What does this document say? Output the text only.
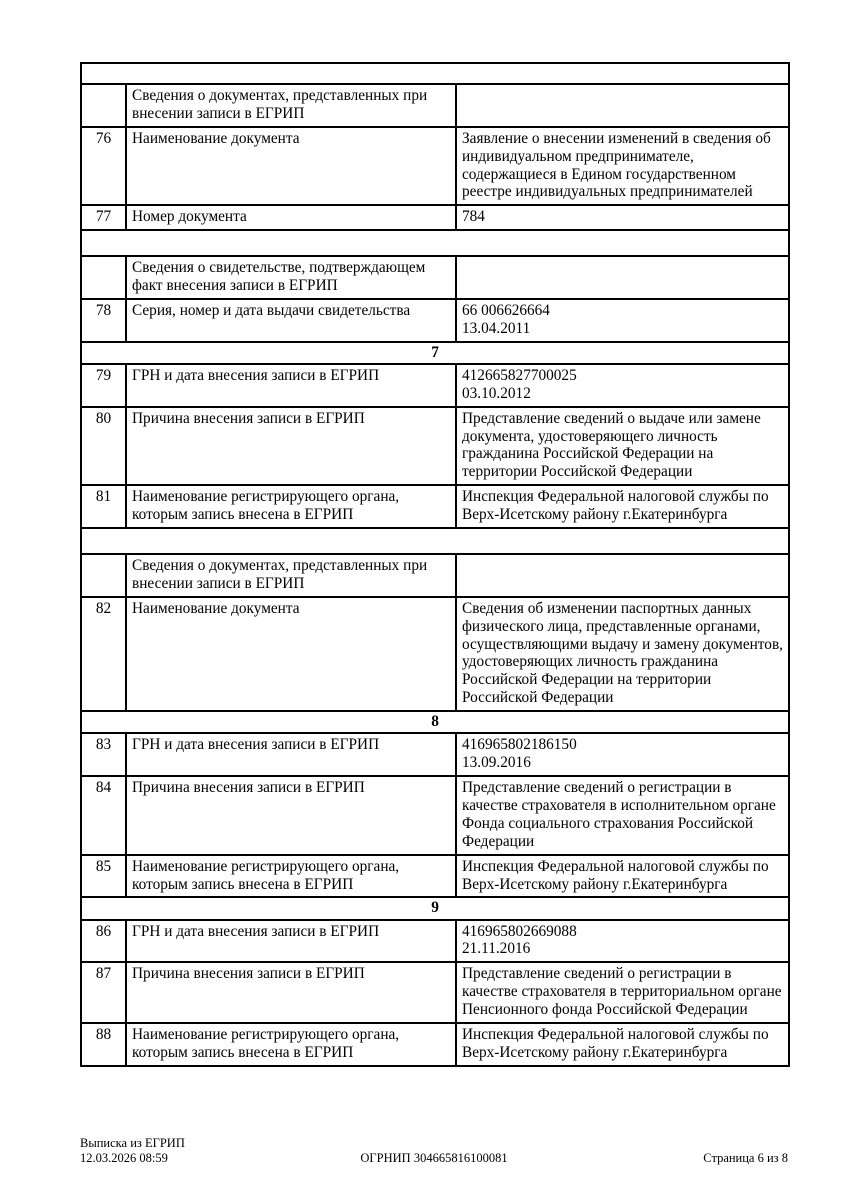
	Сведения о документах, представленных при внесении записи в ЕГРИП	
76	Наименование документа	Заявление о внесении изменений в сведения об индивидуальном предпринимателе, содержащиеся в Едином государственном реестре индивидуальных предпринимателей
77	Номер документа	784

	Сведения о свидетельстве, подтверждающем факт внесения записи в ЕГРИП	
78	Серия, номер и дата выдачи свидетельства	66 006626664
13.04.2011
7		
79	ГРН и дата внесения записи в ЕГРИП	412665827700025
03.10.2012
80	Причина внесения записи в ЕГРИП	Представление сведений о выдаче или замене документа, удостоверяющего личность гражданина Российской Федерации на территории Российской Федерации
81	Наименование регистрирующего органа, которым запись внесена в ЕГРИП	Инспекция Федеральной налоговой службы по Верх-Исетскому району г.Екатеринбурга

	Сведения о документах, представленных при внесении записи в ЕГРИП	
82	Наименование документа	Сведения об изменении паспортных данных физического лица, представленные органами, осуществляющими выдачу и замену документов, удостоверяющих личность гражданина Российской Федерации на территории Российской Федерации
8		
83	ГРН и дата внесения записи в ЕГРИП	416965802186150
13.09.2016
84	Причина внесения записи в ЕГРИП	Представление сведений о регистрации в качестве страхователя в исполнительном органе Фонда социального страхования Российской Федерации
85	Наименование регистрирующего органа, которым запись внесена в ЕГРИП	Инспекция Федеральной налоговой службы по Верх-Исетскому району г.Екатеринбурга
9		
86	ГРН и дата внесения записи в ЕГРИП	416965802669088
21.11.2016
87	Причина внесения записи в ЕГРИП	Представление сведений о регистрации в качестве страхователя в территориальном органе Пенсионного фонда Российской Федерации
88	Наименование регистрирующего органа, которым запись внесена в ЕГРИП	Инспекция Федеральной налоговой службы по Верх-Исетскому району г.Екатеринбурга
Выписка из ЕГРИП
12.03.2026 08:59	ОГРНИП 304665816100081	Страница 6 из 8
